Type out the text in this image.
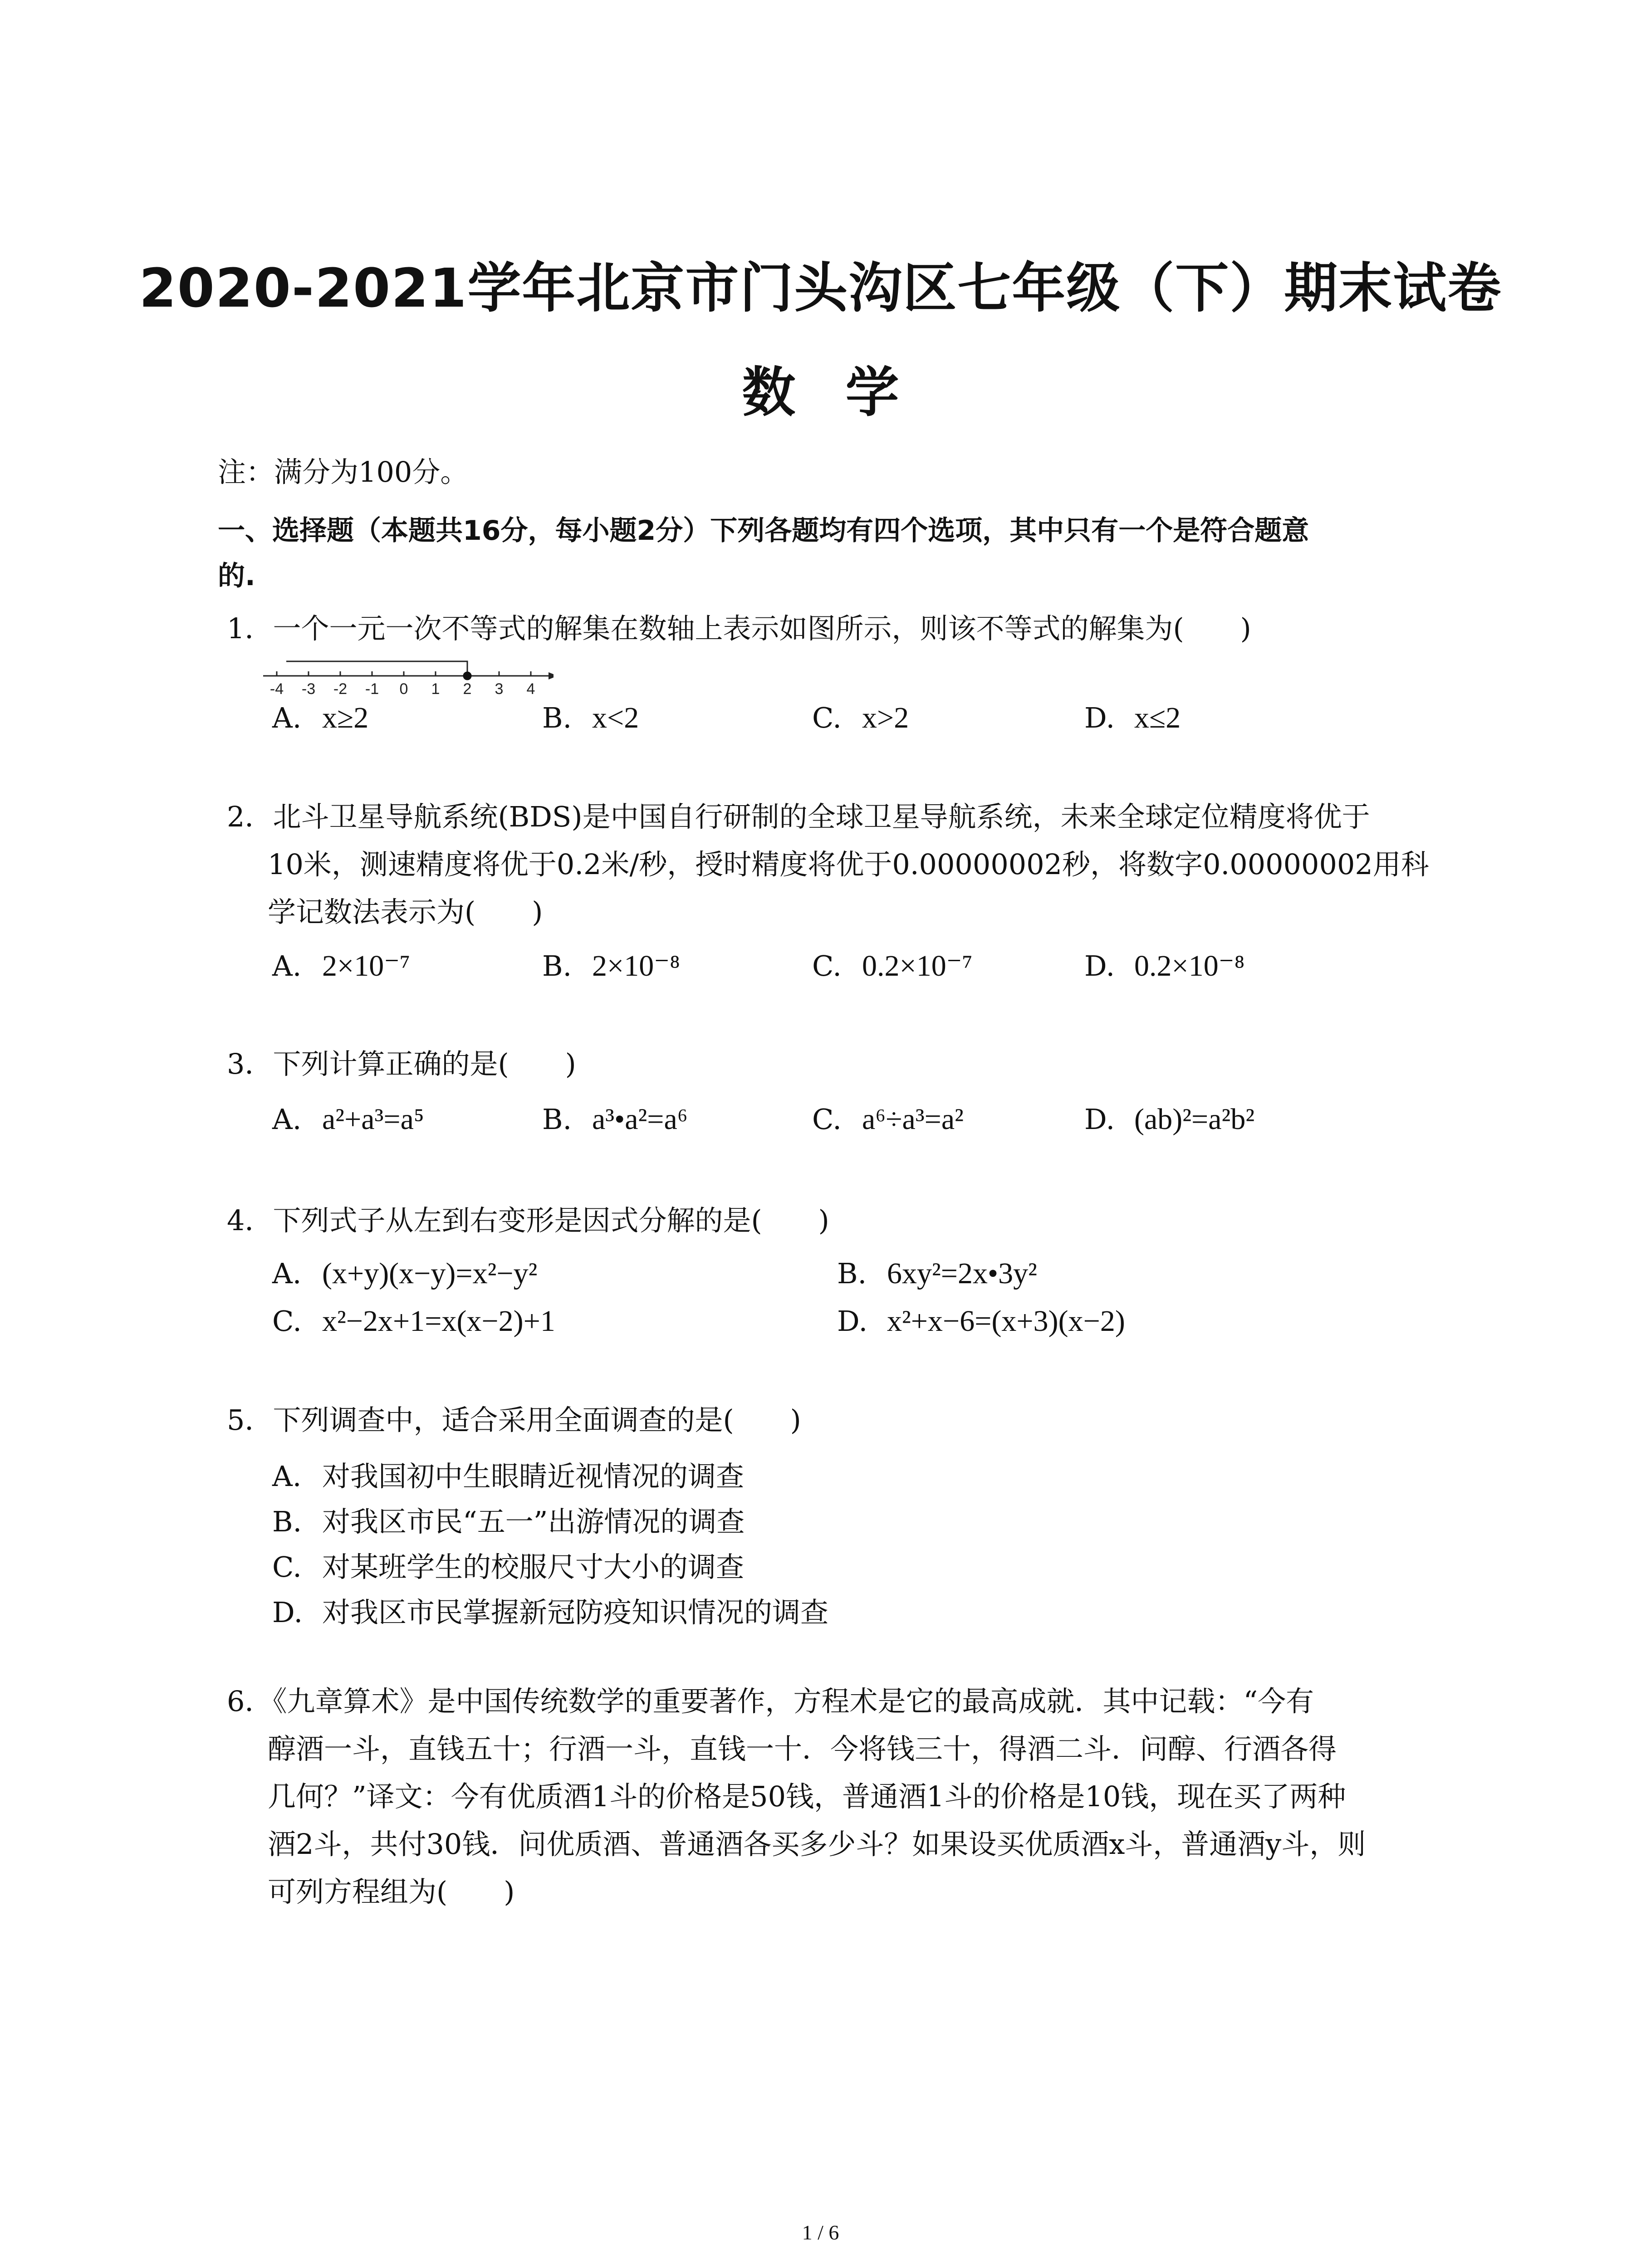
2020-2021学年北京市门头沟区七年级（下）期末试卷
数学
注：满分为100分。
一、选择题（本题共16分，每小题2分）下列各题均有四个选项，其中只有一个是符合题意
的.
1．一个一元一次不等式的解集在数轴上表示如图所示，则该不等式的解集为(　　)
-4 -3 -2 -1 0 1 2 3 4
A. x≥2	B. x<2	C. x>2	D. x≤2
2．北斗卫星导航系统(BDS)是中国自行研制的全球卫星导航系统，未来全球定位精度将优于
10米，测速精度将优于0.2米/秒，授时精度将优于0.00000002秒，将数字0.00000002用科
学记数法表示为(　　)
A. 2×10⁻⁷	B. 2×10⁻⁸	C. 0.2×10⁻⁷	D. 0.2×10⁻⁸
3．下列计算正确的是(　　)
A. a²+a³=a⁵	B. a³•a²=a⁶	C. a⁶÷a³=a²	D. (ab)²=a²b²
4．下列式子从左到右变形是因式分解的是(　　)
A. (x+y)(x−y)=x²−y²	B. 6xy²=2x•3y²
C. x²−2x+1=x(x−2)+1	D. x²+x−6=(x+3)(x−2)
5．下列调查中，适合采用全面调查的是(　　)
A. 对我国初中生眼睛近视情况的调查
B. 对我区市民“五一”出游情况的调查
C. 对某班学生的校服尺寸大小的调查
D. 对我区市民掌握新冠防疫知识情况的调查
6．《九章算术》是中国传统数学的重要著作，方程术是它的最高成就．其中记载：“今有
醇酒一斗，直钱五十；行酒一斗，直钱一十．今将钱三十，得酒二斗．问醇、行酒各得
几何？”译文：今有优质酒1斗的价格是50钱，普通酒1斗的价格是10钱，现在买了两种
酒2斗，共付30钱．问优质酒、普通酒各买多少斗？如果设买优质酒x斗，普通酒y斗，则
可列方程组为(　　)
1 / 6
